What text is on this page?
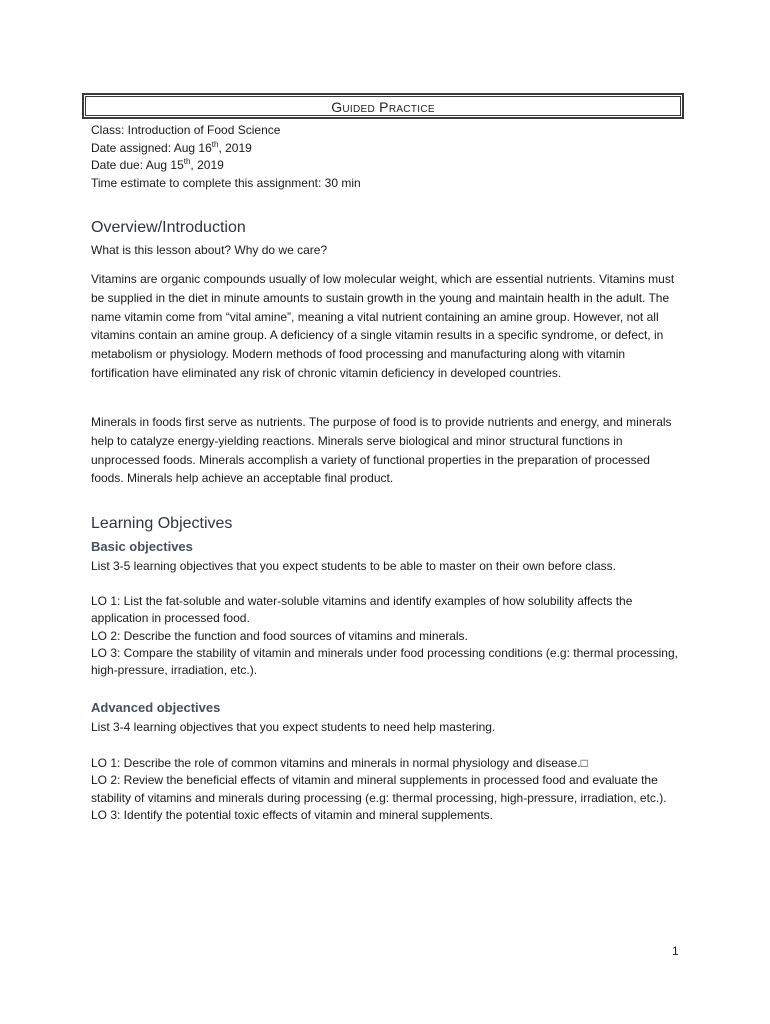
Guided Practice
Class: Introduction of Food Science
Date assigned: Aug 16th, 2019
Date due: Aug 15th, 2019
Time estimate to complete this assignment: 30 min
Overview/Introduction

What is this lesson about? Why do we care?

Vitamins are organic compounds usually of low molecular weight, which are essential nutrients. Vitamins must be supplied in the diet in minute amounts to sustain growth in the young and maintain health in the adult. The name vitamin come from “vital amine”, meaning a vital nutrient containing an amine group. However, not all vitamins contain an amine group. A deficiency of a single vitamin results in a specific syndrome, or defect, in metabolism or physiology. Modern methods of food processing and manufacturing along with vitamin fortification have eliminated any risk of chronic vitamin deficiency in developed countries.

Minerals in foods first serve as nutrients. The purpose of food is to provide nutrients and energy, and minerals help to catalyze energy-yielding reactions. Minerals serve biological and minor structural functions in unprocessed foods. Minerals accomplish a variety of functional properties in the preparation of processed foods. Minerals help achieve an acceptable final product.

Learning Objectives
Basic objectives
List 3-5 learning objectives that you expect students to be able to master on their own before class.
LO 1: List the fat-soluble and water-soluble vitamins and identify examples of how solubility affects the application in processed food.
LO 2: Describe the function and food sources of vitamins and minerals.
LO 3: Compare the stability of vitamin and minerals under food processing conditions (e.g: thermal processing, high-pressure, irradiation, etc.).
Advanced objectives
List 3-4 learning objectives that you expect students to need help mastering.
LO 1: Describe the role of common vitamins and minerals in normal physiology and disease.□
LO 2: Review the beneficial effects of vitamin and mineral supplements in processed food and evaluate the stability of vitamins and minerals during processing (e.g: thermal processing, high-pressure, irradiation, etc.).
LO 3: Identify the potential toxic effects of vitamin and mineral supplements.
1
